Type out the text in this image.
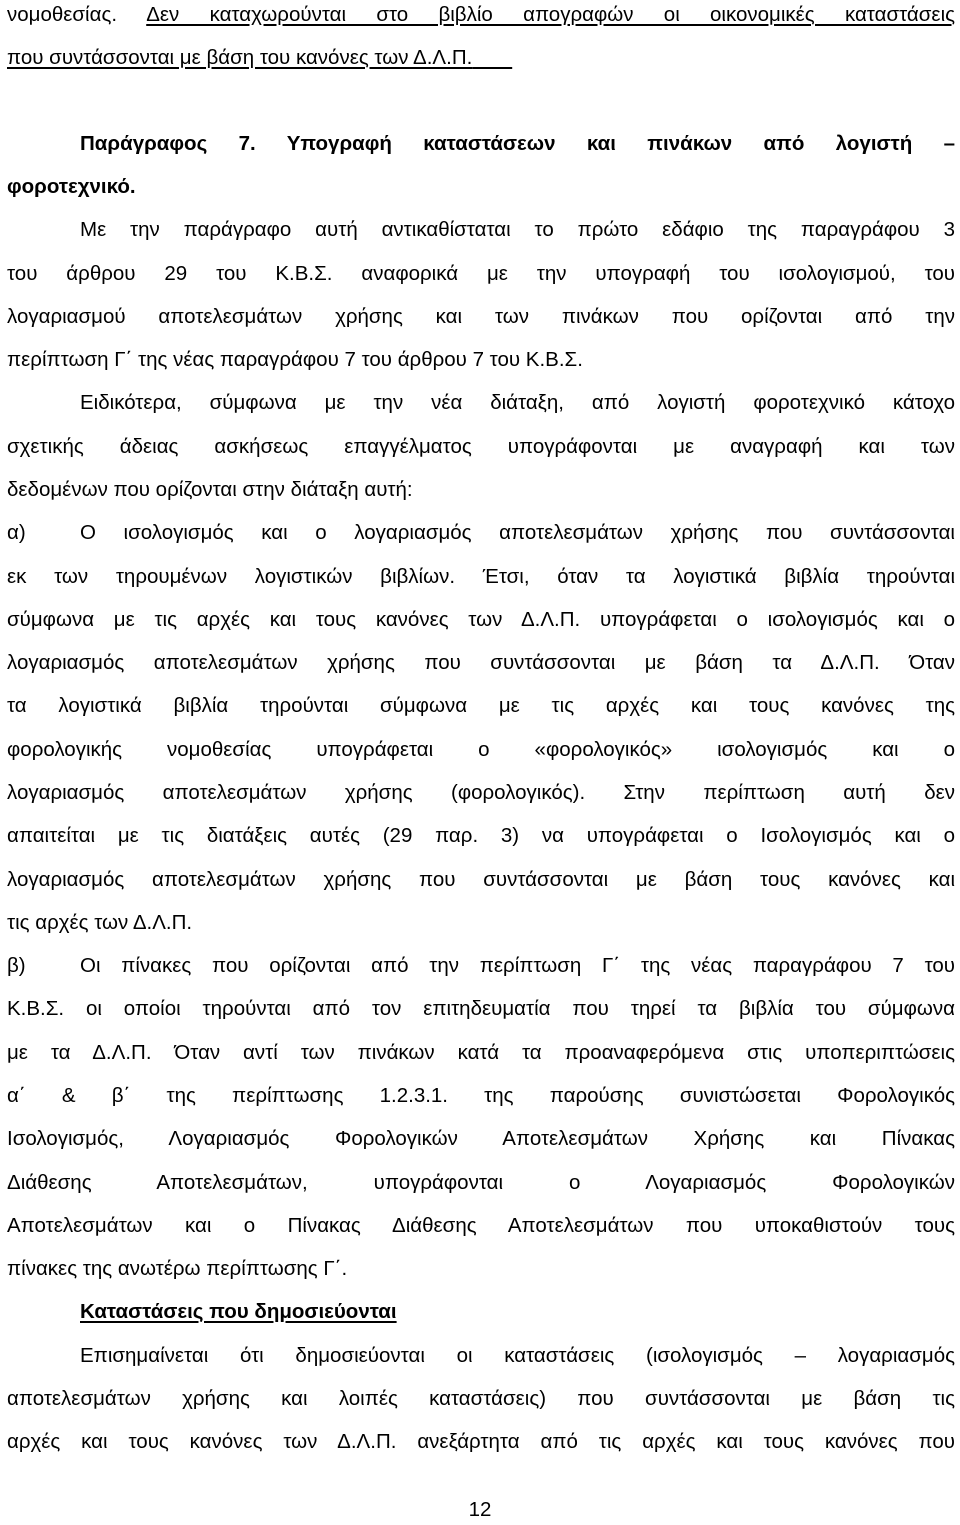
νομοθεσίας. Δεν καταχωρούνται στο βιβλίο απογραφών οι οικονομικές καταστάσεις
που συντάσσονται με βάση του κανόνες των Δ.Λ.Π.
Παράγραφος 7. Υπογραφή καταστάσεων και πινάκων από λογιστή –
φοροτεχνικό.
Με την παράγραφο αυτή αντικαθίσταται το πρώτο εδάφιο της παραγράφου 3
του άρθρου 29 του Κ.Β.Σ. αναφορικά με την υπογραφή του ισολογισμού, του
λογαριασμού αποτελεσμάτων χρήσης και των πινάκων που ορίζονται από την
περίπτωση Γ΄ της νέας παραγράφου 7 του άρθρου 7 του Κ.Β.Σ.
Ειδικότερα, σύμφωνα με την νέα διάταξη, από λογιστή φοροτεχνικό κάτοχο
σχετικής άδειας ασκήσεως επαγγέλματος υπογράφονται με αναγραφή και των
δεδομένων που ορίζονται στην διάταξη αυτή:
α)	Ο ισολογισμός και ο λογαριασμός αποτελεσμάτων χρήσης που συντάσσονται
εκ των τηρουμένων λογιστικών βιβλίων. Έτσι, όταν τα λογιστικά βιβλία τηρούνται
σύμφωνα με τις αρχές και τους κανόνες των Δ.Λ.Π. υπογράφεται ο ισολογισμός και ο
λογαριασμός αποτελεσμάτων χρήσης που συντάσσονται με βάση τα Δ.Λ.Π. Όταν
τα λογιστικά βιβλία τηρούνται σύμφωνα με τις αρχές και τους κανόνες της
φορολογικής νομοθεσίας υπογράφεται ο «φορολογικός» ισολογισμός και ο
λογαριασμός αποτελεσμάτων χρήσης (φορολογικός). Στην περίπτωση αυτή δεν
απαιτείται με τις διατάξεις αυτές (29 παρ. 3) να υπογράφεται ο Ισολογισμός και ο
λογαριασμός αποτελεσμάτων χρήσης που συντάσσονται με βάση τους κανόνες και
τις αρχές των Δ.Λ.Π.
β)	Οι πίνακες που ορίζονται από την περίπτωση Γ΄ της νέας παραγράφου 7 του
Κ.Β.Σ. οι οποίοι τηρούνται από τον επιτηδευματία που τηρεί τα βιβλία του σύμφωνα
με τα Δ.Λ.Π. Όταν αντί των πινάκων κατά τα προαναφερόμενα στις υποπεριπτώσεις
α΄ & β΄ της περίπτωσης 1.2.3.1. της παρούσης συνιστώσεται Φορολογικός
Ισολογισμός, Λογαριασμός Φορολογικών Αποτελεσμάτων Χρήσης και Πίνακας
Διάθεσης Αποτελεσμάτων, υπογράφονται ο Λογαριασμός Φορολογικών
Αποτελεσμάτων και ο Πίνακας Διάθεσης Αποτελεσμάτων που υποκαθιστούν τους
πίνακες της ανωτέρω περίπτωσης Γ΄.
Καταστάσεις που δημοσιεύονται
Επισημαίνεται ότι δημοσιεύονται οι καταστάσεις (ισολογισμός – λογαριασμός
αποτελεσμάτων χρήσης και λοιπές καταστάσεις) που συντάσσονται με βάση τις
αρχές και τους κανόνες των Δ.Λ.Π. ανεξάρτητα από τις αρχές και τους κανόνες που
12
